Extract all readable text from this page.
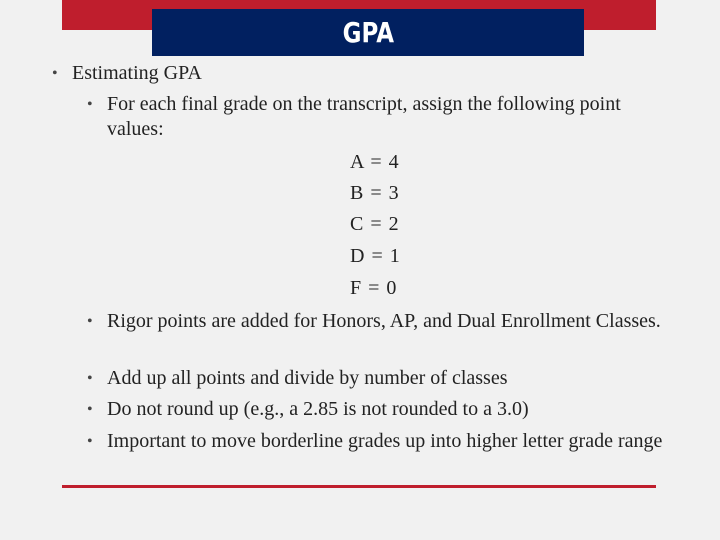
GPA
• Estimating GPA
• For each final grade on the transcript, assign the following point values:
A = 4
B = 3
C = 2
D = 1
F = 0
• Rigor points are added for Honors, AP, and Dual Enrollment Classes.
• Add up all points and divide by number of classes
• Do not round up (e.g., a 2.85 is not rounded to a 3.0)
• Important to move borderline grades up into higher letter grade range
